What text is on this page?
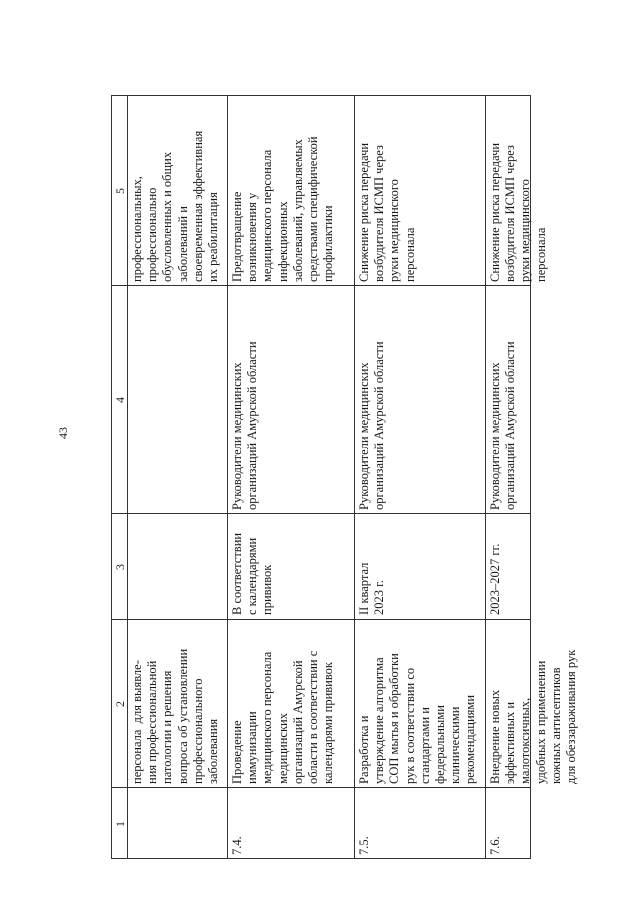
43
5
4
3
2
1
профессиональных,
профессионально
обусловленных и общих
заболеваний и
своевременная эффективная
их реабилитация
персонала  для выявле-
ния профессиональной
патологии и решения
вопроса об установлении
профессионального
заболевания
Предотвращение
возникновения у
медицинского персонала
инфекционных
заболеваний, управляемых
средствами специфической
профилактики
Руководители медицинских
организаций Амурской области
В соответствии
с календарями
прививок
Проведение
иммунизации
медицинского персонала
медицинских
организаций Амурской
области в соответствии с
календарями прививок
7.4.
Снижение риска передачи
возбудителя ИСМП через
руки медицинского
персонала
Руководители медицинских
организаций Амурской области
II квартал
2023 г.
Разработка и
утверждение алгоритма
СОП мытья и обработки
рук в соответствии со
стандартами и
федеральными
клиническими
рекомендациями
7.5.
Снижение риска передачи
возбудителя ИСМП через
руки медицинского
персонала
Руководители медицинских
организаций Амурской области
2023–2027 гг.
Внедрение новых
эффективных и
малотоксичных,
удобных в применении
кожных антисептиков
для обеззараживания рук
7.6.
